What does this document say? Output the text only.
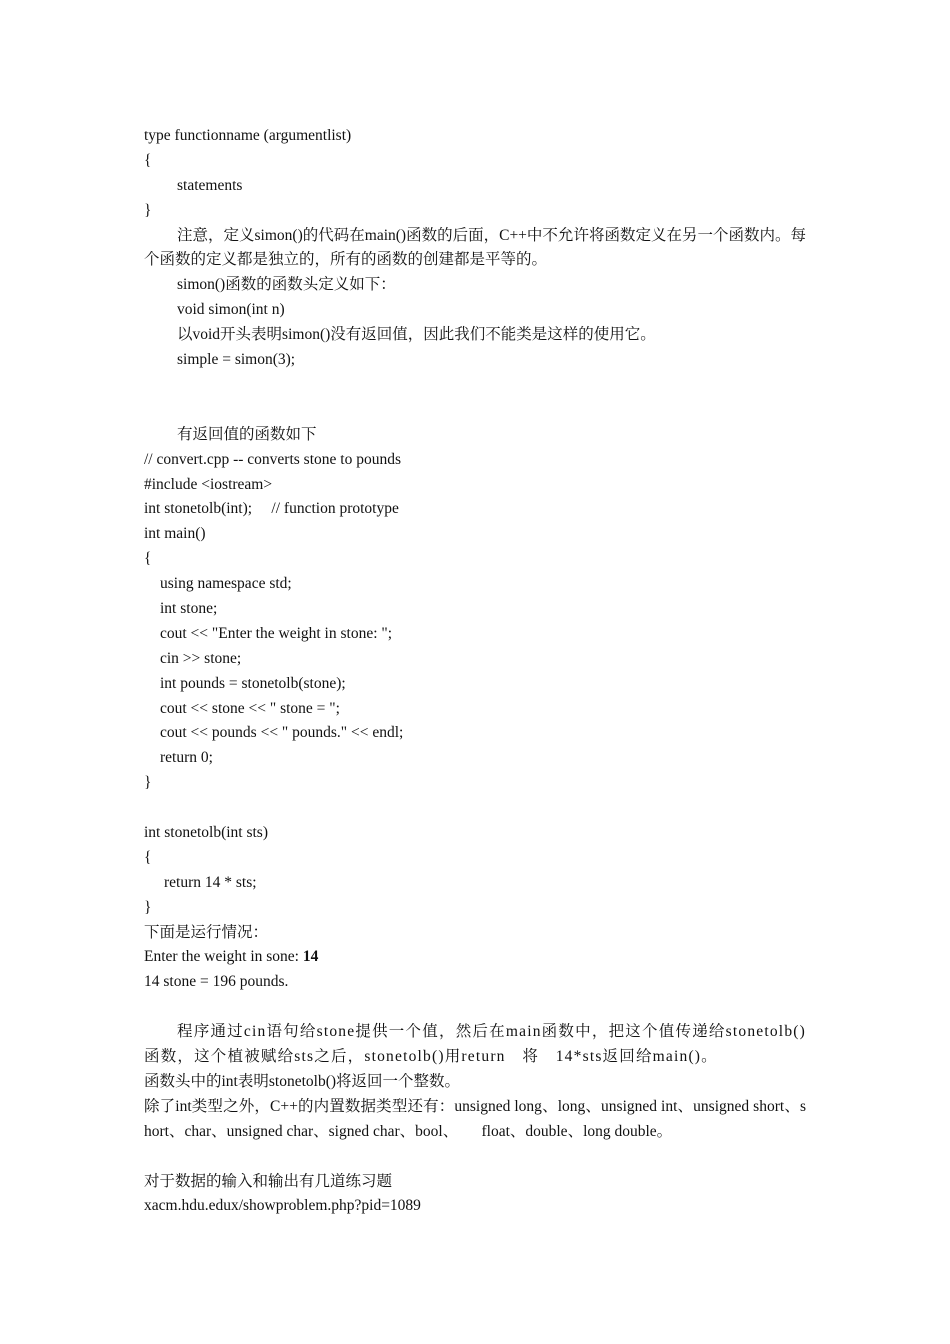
type functionname (argumentlist)
{
statements
}
注意，定义simon()的代码在main()函数的后面，C++中不允许将函数定义在另一个函数内。每个函数的定义都是独立的，所有的函数的创建都是平等的。
simon()函数的函数头定义如下：
void simon(int n)
以void开头表明simon()没有返回值，因此我们不能类是这样的使用它。
simple = simon(3);
有返回值的函数如下
// convert.cpp -- converts stone to pounds
#include <iostream>
int stonetolb(int);     // function prototype
int main()
{
using namespace std;
int stone;
cout << "Enter the weight in stone: ";
cin >> stone;
int pounds = stonetolb(stone);
cout << stone << " stone = ";
cout << pounds << " pounds." << endl;
return 0;
}
int stonetolb(int sts)
{
return 14 * sts;
}
下面是运行情况：
Enter the weight in sone: 14
14 stone = 196 pounds.
程序通过cin语句给stone提供一个值，然后在main函数中，把这个值传递给stonetolb()函数，这个植被赋给sts之后，stonetolb()用return　将　14*sts返回给main()。
函数头中的int表明stonetolb()将返回一个整数。
除了int类型之外，C++的内置数据类型还有：unsigned long、long、unsigned int、unsigned short、short、char、unsigned char、signed char、bool、　　float、double、long double。
对于数据的输入和输出有几道练习题
xacm.hdu.edux/showproblem.php?pid=1089
